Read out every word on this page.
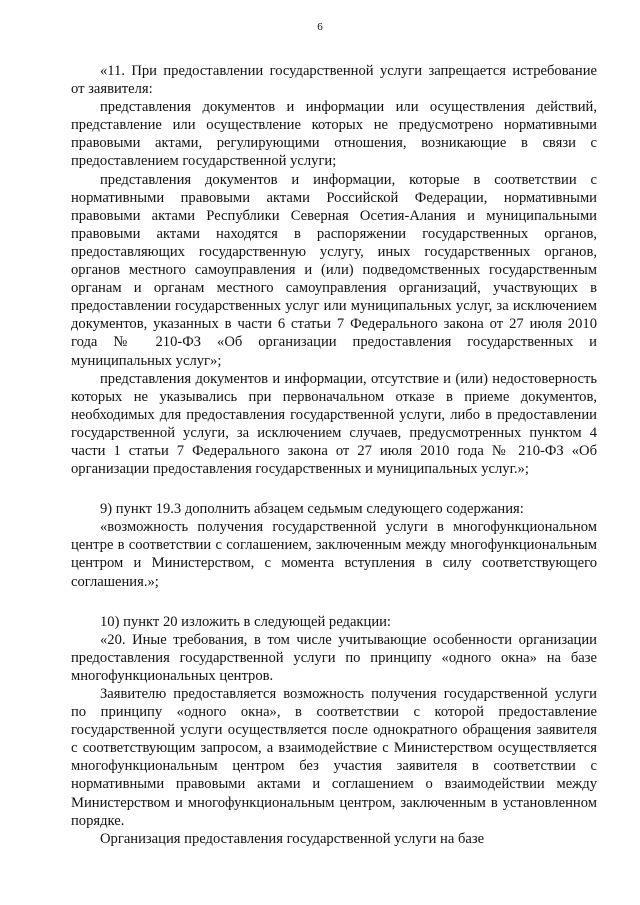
6

«11. При предоставлении государственной услуги запрещается истребование от заявителя:

представления документов и информации или осуществления действий, представление или осуществление которых не предусмотрено нормативными правовыми актами, регулирующими отношения, возникающие в связи с предоставлением государственной услуги;

представления документов и информации, которые в соответствии с нормативными правовыми актами Российской Федерации, нормативными правовыми актами Республики Северная Осетия-Алания и муниципальными правовыми актами находятся в распоряжении государственных органов, предоставляющих государственную услугу, иных государственных органов, органов местного самоуправления и (или) подведомственных государственным органам и органам местного самоуправления организаций, участвующих в предоставлении государственных услуг или муниципальных услуг, за исключением документов, указанных в части 6 статьи 7 Федерального закона от 27 июля 2010 года № 210-ФЗ «Об организации предоставления государственных и муниципальных услуг»;

представления документов и информации, отсутствие и (или) недостоверность которых не указывались при первоначальном отказе в приеме документов, необходимых для предоставления государственной услуги, либо в предоставлении государственной услуги, за исключением случаев, предусмотренных пунктом 4 части 1 статьи 7 Федерального закона от 27 июля 2010 года № 210-ФЗ «Об организации предоставления государственных и муниципальных услуг.»;

9) пункт 19.3 дополнить абзацем седьмым следующего содержания:

«возможность получения государственной услуги в многофункциональном центре в соответствии с соглашением, заключенным между многофункциональным центром и Министерством, с момента вступления в силу соответствующего соглашения.»;

10) пункт 20 изложить в следующей редакции:

«20. Иные требования, в том числе учитывающие особенности организации предоставления государственной услуги по принципу «одного окна» на базе многофункциональных центров.

Заявителю предоставляется возможность получения государственной услуги по принципу «одного окна», в соответствии с которой предоставление государственной услуги осуществляется после однократного обращения заявителя с соответствующим запросом, а взаимодействие с Министерством осуществляется многофункциональным центром без участия заявителя в соответствии с нормативными правовыми актами и соглашением о взаимодействии между Министерством и многофункциональным центром, заключенным в установленном порядке.

Организация предоставления государственной услуги на базе
